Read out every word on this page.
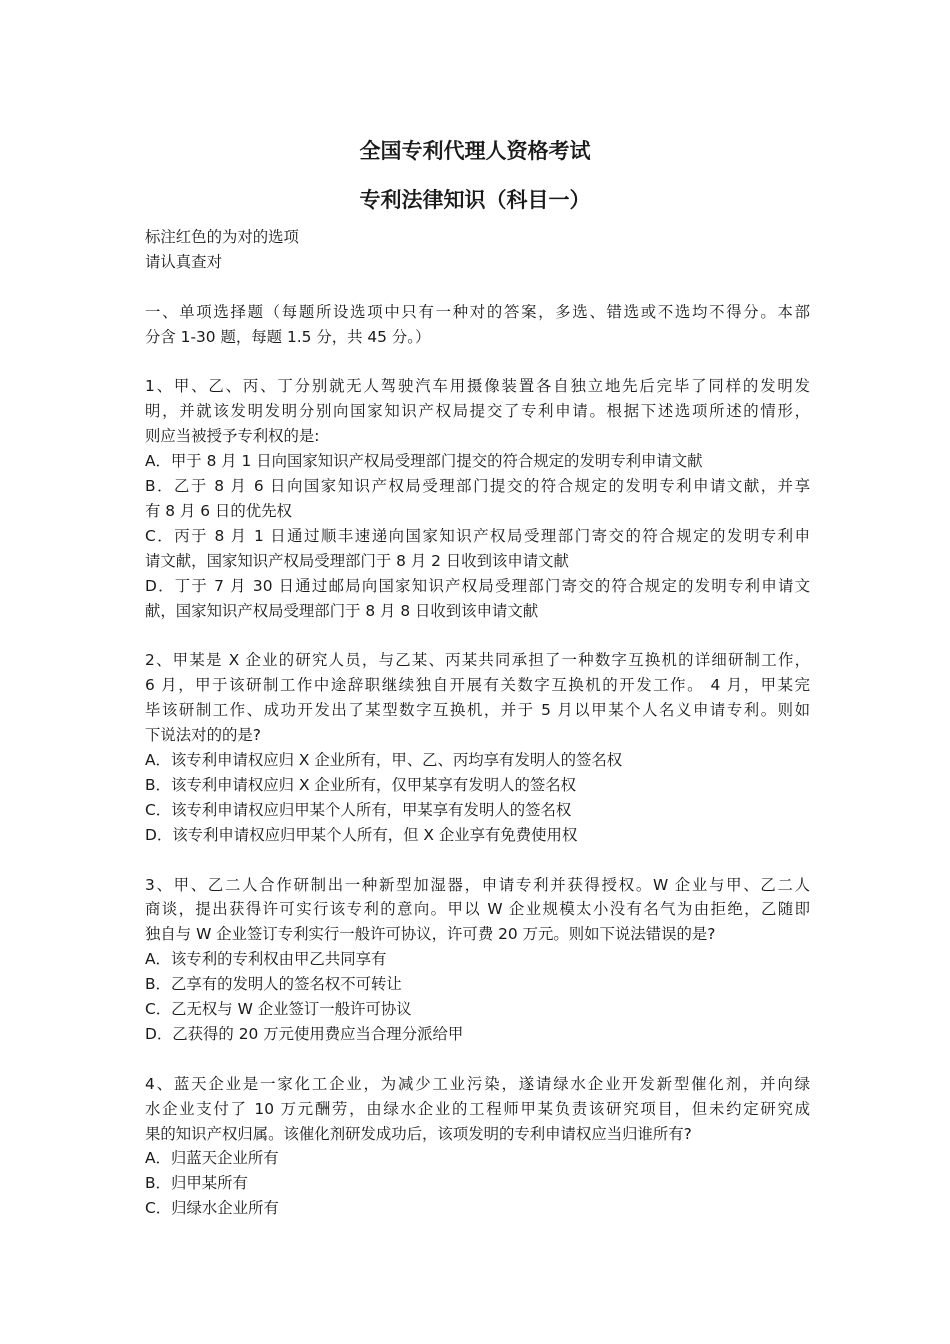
全国专利代理人资格考试
专利法律知识（科目一）
标注红色的为对的选项
请认真查对
一、单项选择题（每题所设选项中只有一种对的答案，多选、错选或不选均不得分。本部
分含 1-30 题，每题 1.5 分，共 45 分。）
1、甲、乙、丙、丁分别就无人驾驶汽车用摄像装置各自独立地先后完毕了同样的发明发
明，并就该发明发明分别向国家知识产权局提交了专利申请。根据下述选项所述的情形，
则应当被授予专利权的是:
A．甲于 8 月 1 日向国家知识产权局受理部门提交的符合规定的发明专利申请文献
B．乙于 8 月 6 日向国家知识产权局受理部门提交的符合规定的发明专利申请文献，并享
有 8 月 6 日的优先权
C．丙于 8 月 1 日通过顺丰速递向国家知识产权局受理部门寄交的符合规定的发明专利申
请文献，国家知识产权局受理部门于 8 月 2 日收到该申请文献
D．丁于 7 月 30 日通过邮局向国家知识产权局受理部门寄交的符合规定的发明专利申请文
献，国家知识产权局受理部门于 8 月 8 日收到该申请文献
2、甲某是 X 企业的研究人员，与乙某、丙某共同承担了一种数字互换机的详细研制工作，
6 月，甲于该研制工作中途辞职继续独自开展有关数字互换机的开发工作。 4 月，甲某完
毕该研制工作、成功开发出了某型数字互换机，并于 5 月以甲某个人名义申请专利。则如
下说法对的的是?
A．该专利申请权应归 X 企业所有，甲、乙、丙均享有发明人的签名权
B．该专利申请权应归 X 企业所有，仅甲某享有发明人的签名权
C．该专利申请权应归甲某个人所有，甲某享有发明人的签名权
D．该专利申请权应归甲某个人所有，但 X 企业享有免费使用权
3、甲、乙二人合作研制出一种新型加湿器，申请专利并获得授权。W 企业与甲、乙二人
商谈，提出获得许可实行该专利的意向。甲以 W 企业规模太小没有名气为由拒绝，乙随即
独自与 W 企业签订专利实行一般许可协议，许可费 20 万元。则如下说法错误的是?
A．该专利的专利权由甲乙共同享有
B．乙享有的发明人的签名权不可转让
C．乙无权与 W 企业签订一般许可协议
D．乙获得的 20 万元使用费应当合理分派给甲
4、蓝天企业是一家化工企业，为减少工业污染，遂请绿水企业开发新型催化剂，并向绿
水企业支付了 10 万元酬劳，由绿水企业的工程师甲某负责该研究项目，但未约定研究成
果的知识产权归属。该催化剂研发成功后，该项发明的专利申请权应当归谁所有?
A．归蓝天企业所有
B．归甲某所有
C．归绿水企业所有
